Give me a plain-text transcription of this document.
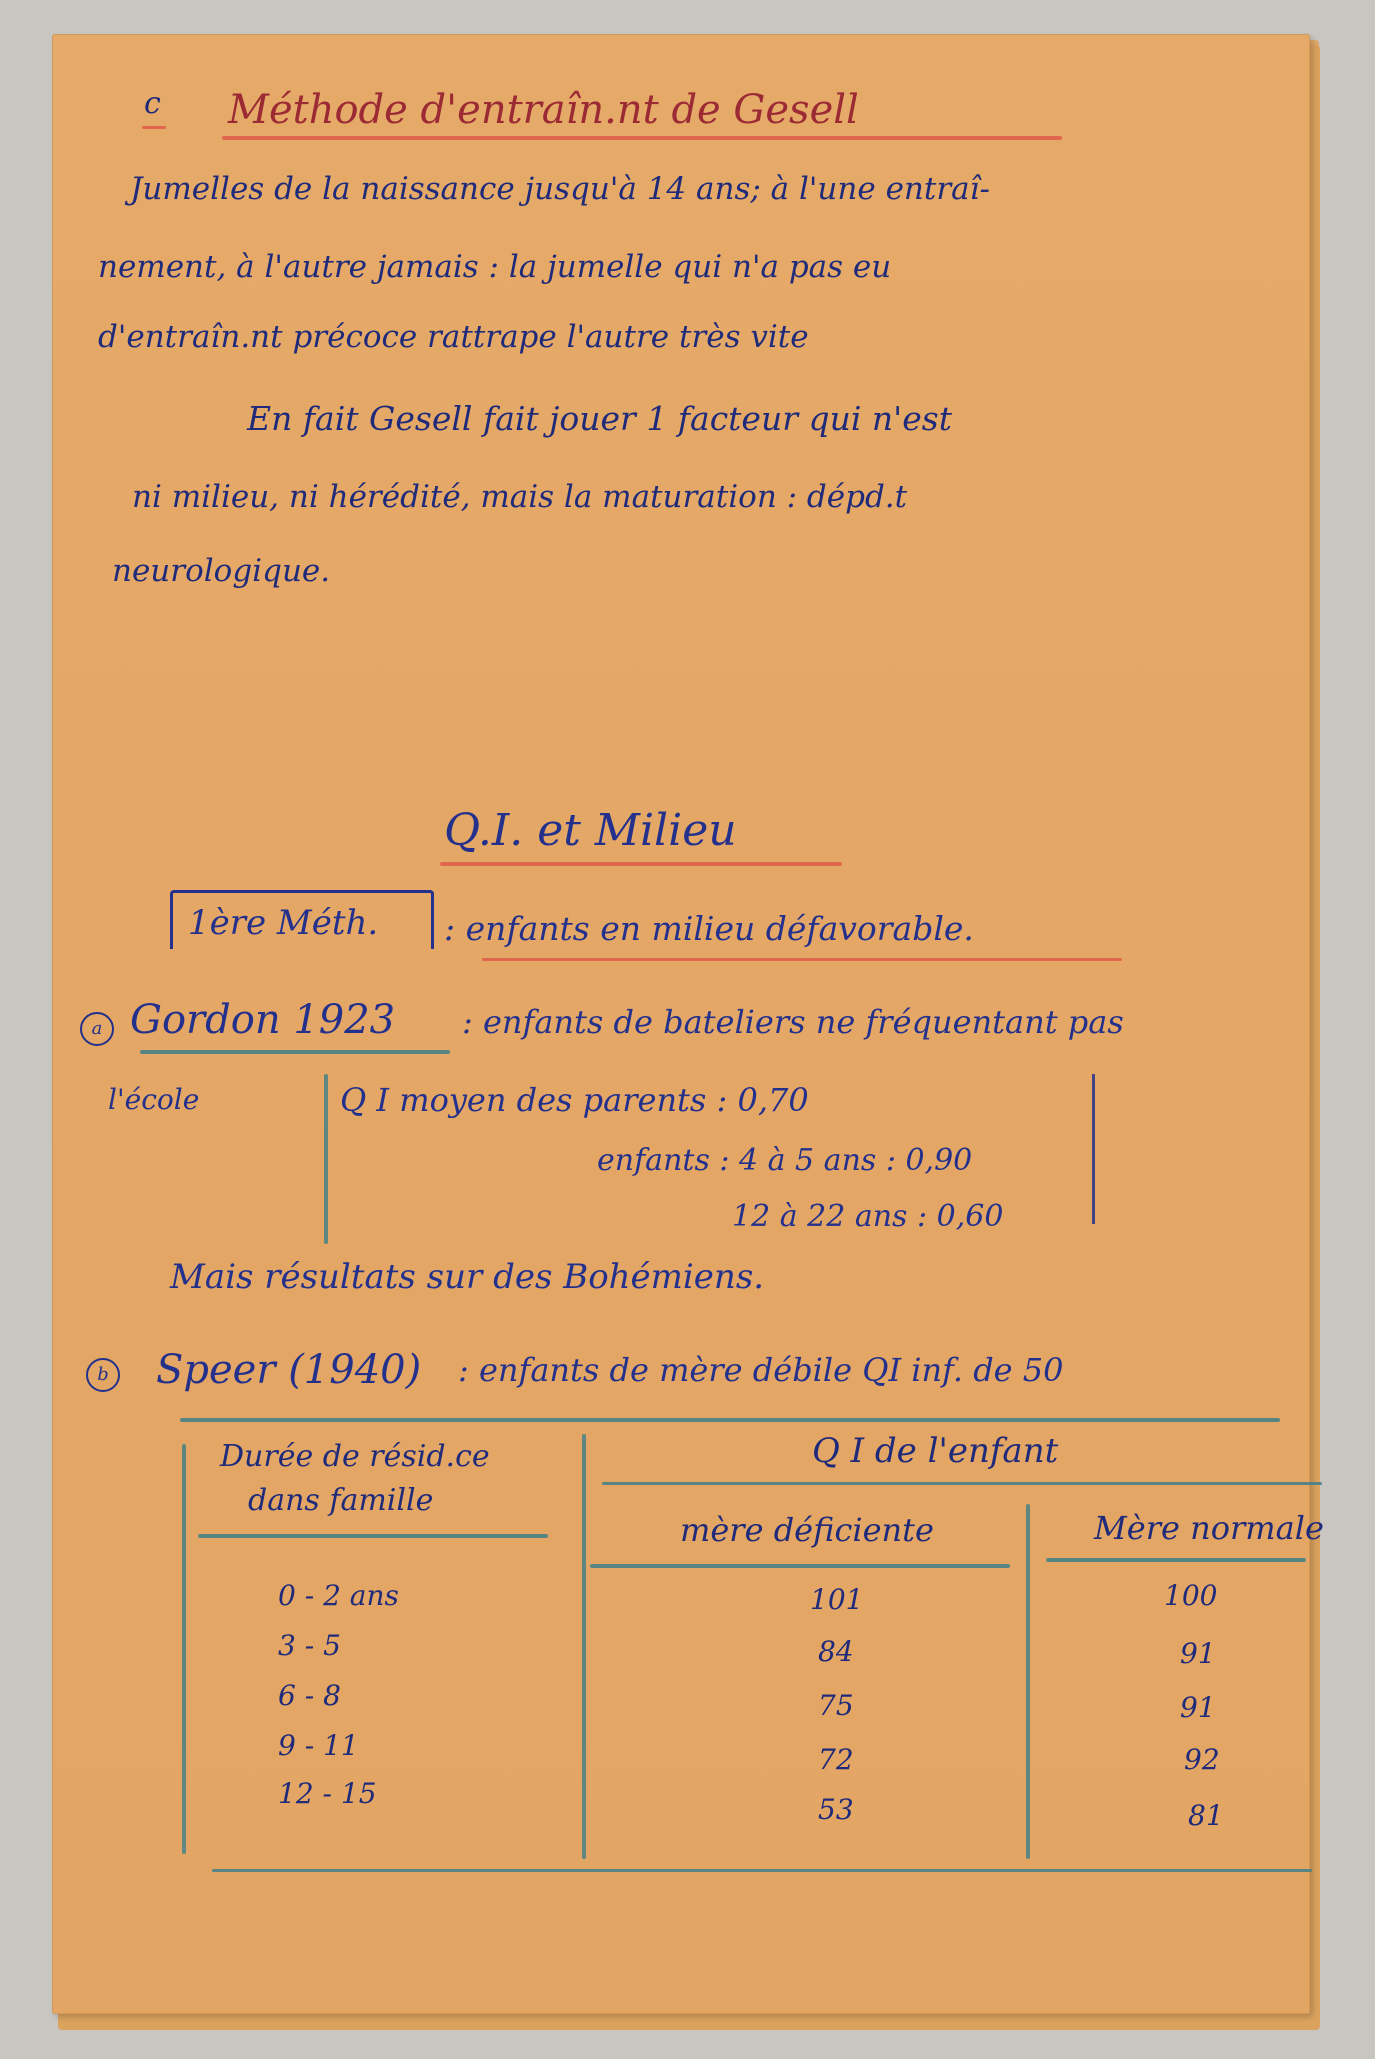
c Méthode d'entraîn.nt de Gesell
Jumelles de la naissance jusqu'à 14 ans; à l'une entraî-
nement, à l'autre jamais : la jumelle qui n'a pas eu
d'entraîn.nt précoce rattrape l'autre très vite
En fait Gesell fait jouer 1 facteur qui n'est
ni milieu, ni hérédité, mais la maturation : dépd.t
neurologique.
Q.I. et Milieu
1ère Méth. : enfants en milieu défavorable.
a Gordon 1923 : enfants de bateliers ne fréquentant pas
l'école	Q I moyen des parents : 0,70
enfants : 4 à 5 ans : 0,90
12 à 22 ans : 0,60
Mais résultats sur des Bohémiens.
b Speer (1940) : enfants de mère débile QI inf. de 50
Durée de résid.ce
dans famille
Q I de l'enfant
mère déficiente	Mère normale
0 - 2 ans	101	100
3 - 5	84	91
6 - 8	75	91
9 - 11	72	92
12 - 15	53	81
